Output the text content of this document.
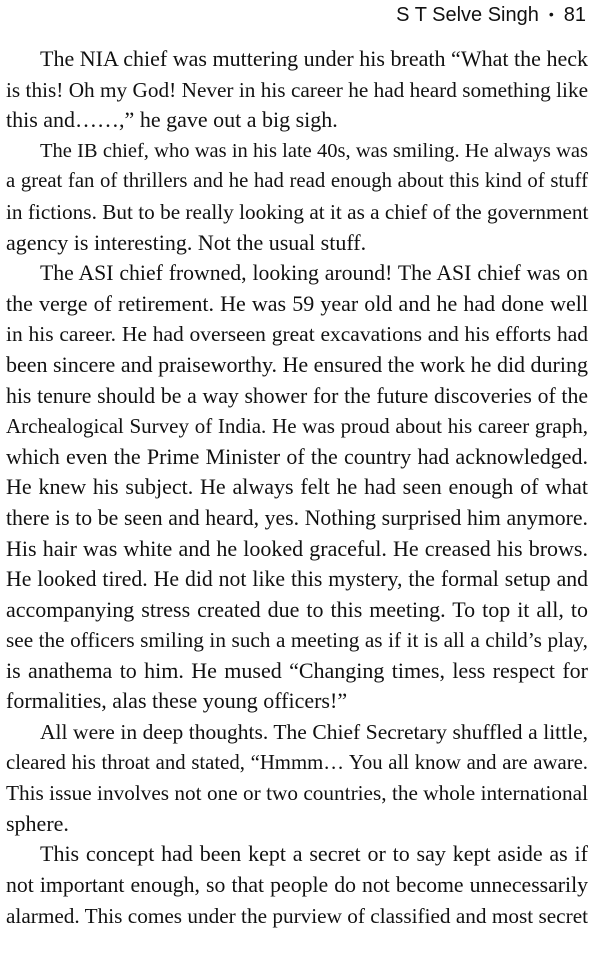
S T Selve Singh • 81
The NIA chief was muttering under his breath “What the heck
is this! Oh my God! Never in his career he had heard something like
this and……,” he gave out a big sigh.
The IB chief, who was in his late 40s, was smiling. He always was
a great fan of thrillers and he had read enough about this kind of stuff
in fictions. But to be really looking at it as a chief of the government
agency is interesting. Not the usual stuff.
The ASI chief frowned, looking around! The ASI chief was on
the verge of retirement. He was 59 year old and he had done well
in his career. He had overseen great excavations and his efforts had
been sincere and praiseworthy. He ensured the work he did during
his tenure should be a way shower for the future discoveries of the
Archealogical Survey of India. He was proud about his career graph,
which even the Prime Minister of the country had acknowledged.
He knew his subject. He always felt he had seen enough of what
there is to be seen and heard, yes. Nothing surprised him anymore.
His hair was white and he looked graceful. He creased his brows.
He looked tired. He did not like this mystery, the formal setup and
accompanying stress created due to this meeting. To top it all, to
see the officers smiling in such a meeting as if it is all a child’s play,
is anathema to him. He mused “Changing times, less respect for
formalities, alas these young officers!”
All were in deep thoughts. The Chief Secretary shuffled a little,
cleared his throat and stated, “Hmmm… You all know and are aware.
This issue involves not one or two countries, the whole international
sphere.
This concept had been kept a secret or to say kept aside as if
not important enough, so that people do not become unnecessarily
alarmed. This comes under the purview of classified and most secret
